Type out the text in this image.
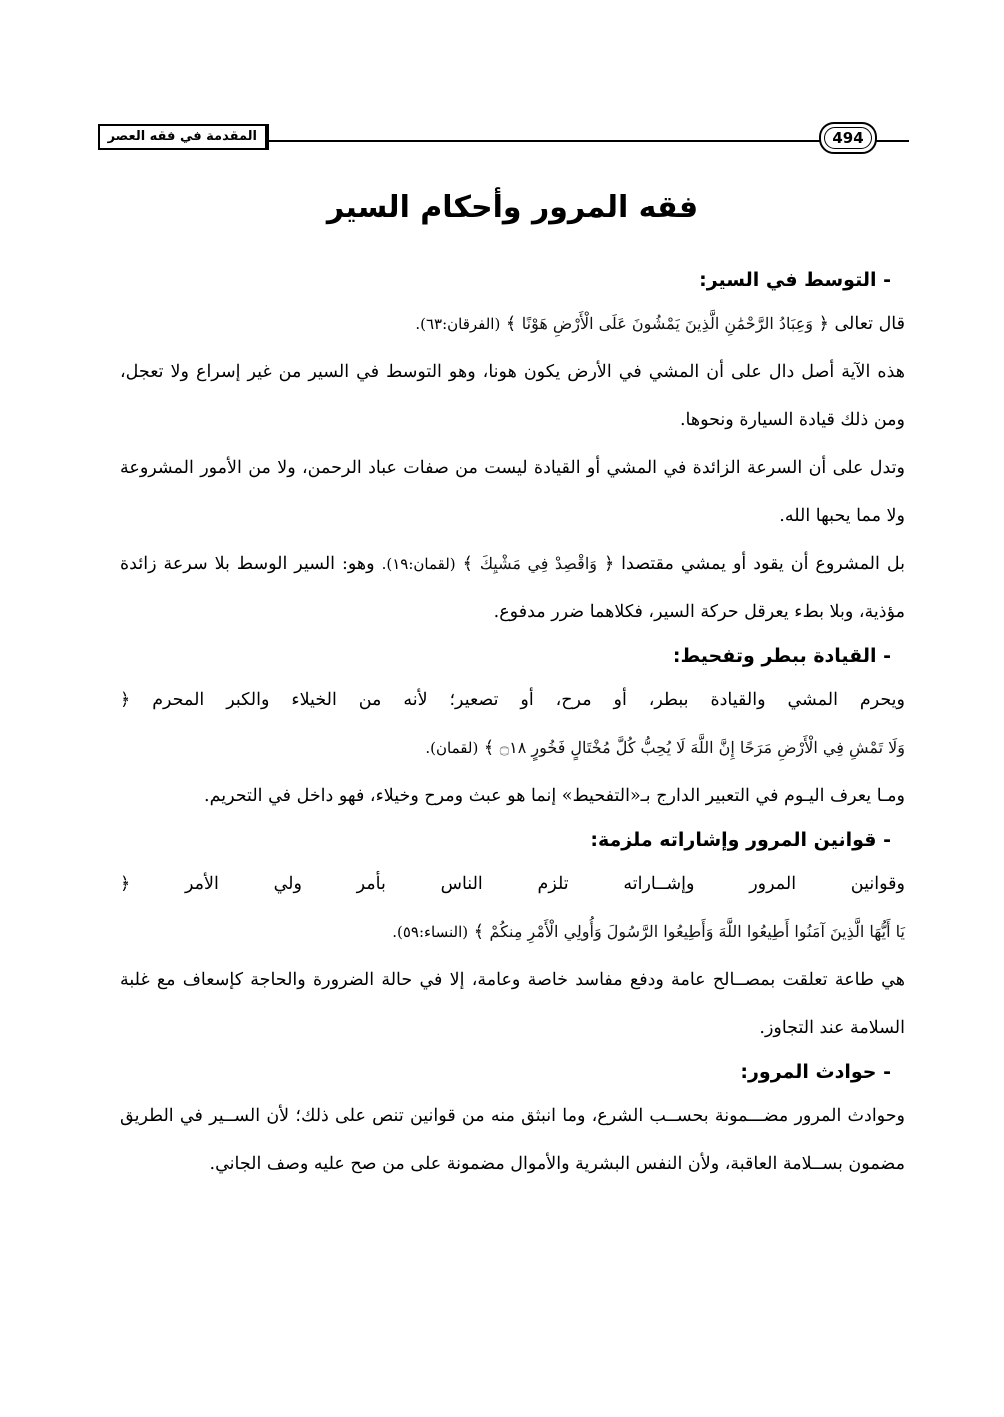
المقدمة في فقه العصر	494
فقه المرور وأحكام السير
- التوسط في السير:

قال تعالى ﴿ وَعِبَادُ الرَّحْمَٰنِ الَّذِينَ يَمْشُونَ عَلَى الْأَرْضِ هَوْنًا ﴾ (الفرقان:٦٣).

هذه الآية أصل دال على أن المشي في الأرض يكون هونا، وهو التوسط في السير من غير إسراع ولا تعجل، ومن ذلك قيادة السيارة ونحوها.

وتدل على أن السرعة الزائدة في المشي أو القيادة ليست من صفات عباد الرحمن، ولا من الأمور المشروعة ولا مما يحبها الله.

بل المشروع أن يقود أو يمشي مقتصدا ﴿ وَاقْصِدْ فِي مَشْيِكَ ﴾ (لقمان:١٩). وهو: السير الوسط بلا سرعة زائدة مؤذية، وبلا بطء يعرقل حركة السير، فكلاهما ضرر مدفوع.

- القيادة ببطر وتفحيط:

ويحرم المشي والقيادة ببطر، أو مرح، أو تصعير؛ لأنه من الخيلاء والكبر المحرم ﴿ وَلَا تَمْشِ فِي الْأَرْضِ مَرَحًا إِنَّ اللَّهَ لَا يُحِبُّ كُلَّ مُخْتَالٍ فَخُورٍ ۝١٨ ﴾ (لقمان).

ومـا يعرف اليـوم في التعبير الدارج بـ«التفحيط» إنما هو عبث ومرح وخيلاء، فهو داخل في التحريم.

- قوانين المرور وإشاراته ملزمة:

وقوانين المرور وإشــاراته تلزم الناس بأمر ولي الأمر ﴿ يَا أَيُّهَا الَّذِينَ آمَنُوا أَطِيعُوا اللَّهَ وَأَطِيعُوا الرَّسُولَ وَأُولِي الْأَمْرِ مِنكُمْ ﴾ (النساء:٥٩).

هي طاعة تعلقت بمصــالح عامة ودفع مفاسد خاصة وعامة، إلا في حالة الضرورة والحاجة كإسعاف مع غلبة السلامة عند التجاوز.

- حوادث المرور:

وحوادث المرور مضـــمونة بحســب الشرع، وما انبثق منه من قوانين تنص على ذلك؛ لأن الســير في الطريق مضمون بســلامة العاقبة، ولأن النفس البشرية والأموال مضمونة على من صح عليه وصف الجاني.
